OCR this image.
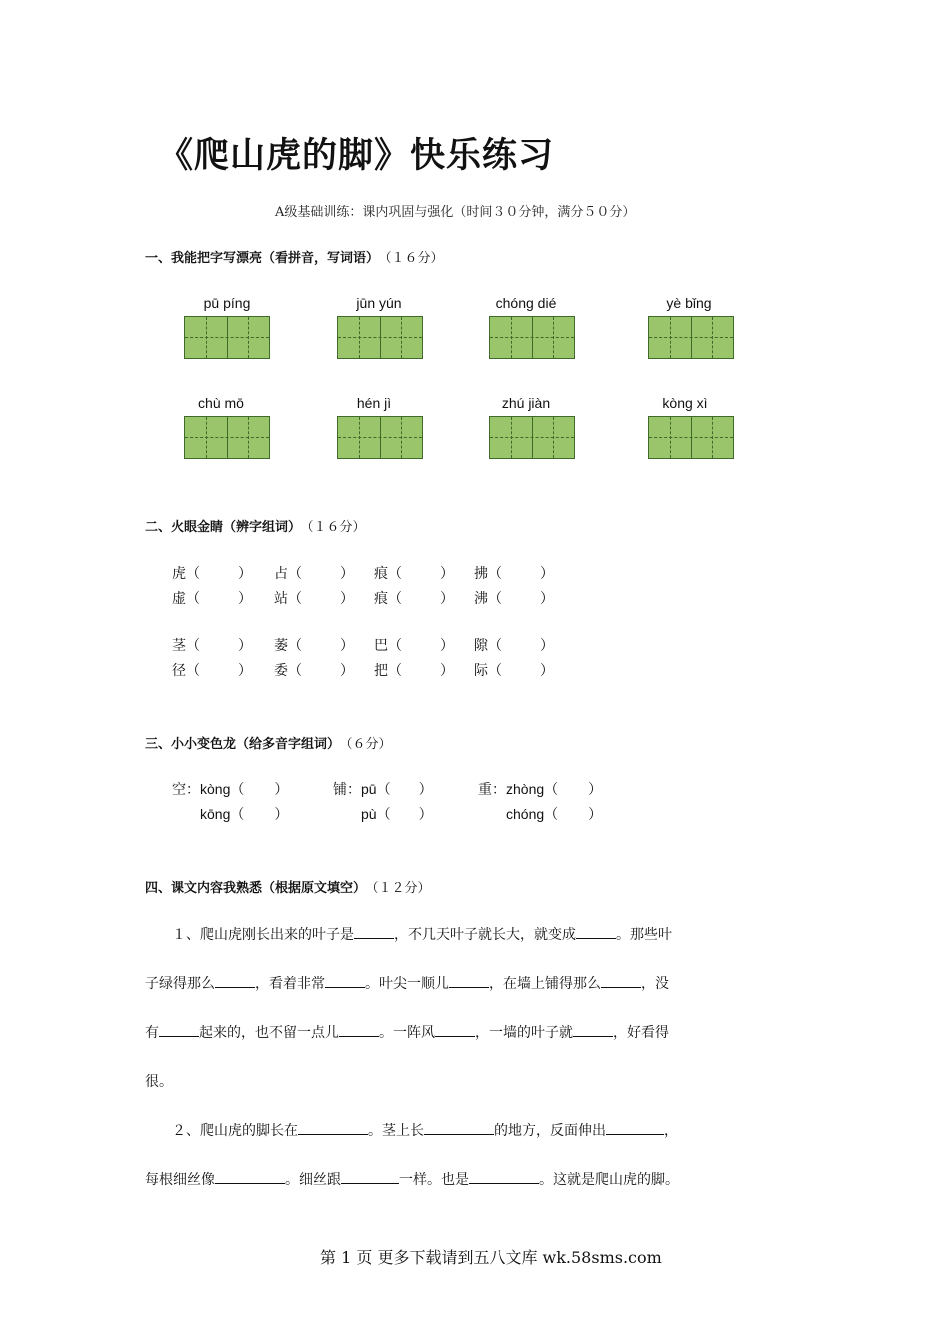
《爬山虎的脚》快乐练习
A级基础训练：课内巩固与强化（时间３０分钟，满分５０分）
一、我能把字写漂亮（看拼音，写词语） （１６分）
pū píng	jūn yún	chóng dié	yè bǐng
chù mō	hén jì	zhú jiàn	kòng xì
二、火眼金睛（辨字组词） （１６分）
虎（	） 占（	） 痕（	） 拂（	）
虚（	） 站（	） 痕（	） 沸（	）
茎（	） 萎（	） 巴（	） 隙（	）
径（	） 委（	） 把（	） 际（	）
三、小小变色龙（给多音字组词） （６分）
空：kòng（ ）
kōng（ ）
铺：pū（ ）
pù（ ）
重：zhòng（ ）
chóng（ ）
四、课文内容我熟悉（根据原文填空） （１２分）
１、爬山虎刚长出来的叶子是	，不几天叶子就长大，就变成	。那些叶
子绿得那么	，看着非常	。叶尖一顺儿	，在墙上铺得那么	，没
有	起来的，也不留一点儿	。一阵风	，一墙的叶子就	，好看得
很。
２、爬山虎的脚长在	。茎上长	的地方，反面伸出	，
每根细丝像	。细丝跟	一样。也是	。这就是爬山虎的脚。
第 1 页 更多下载请到五八文库 wk.58sms.com
